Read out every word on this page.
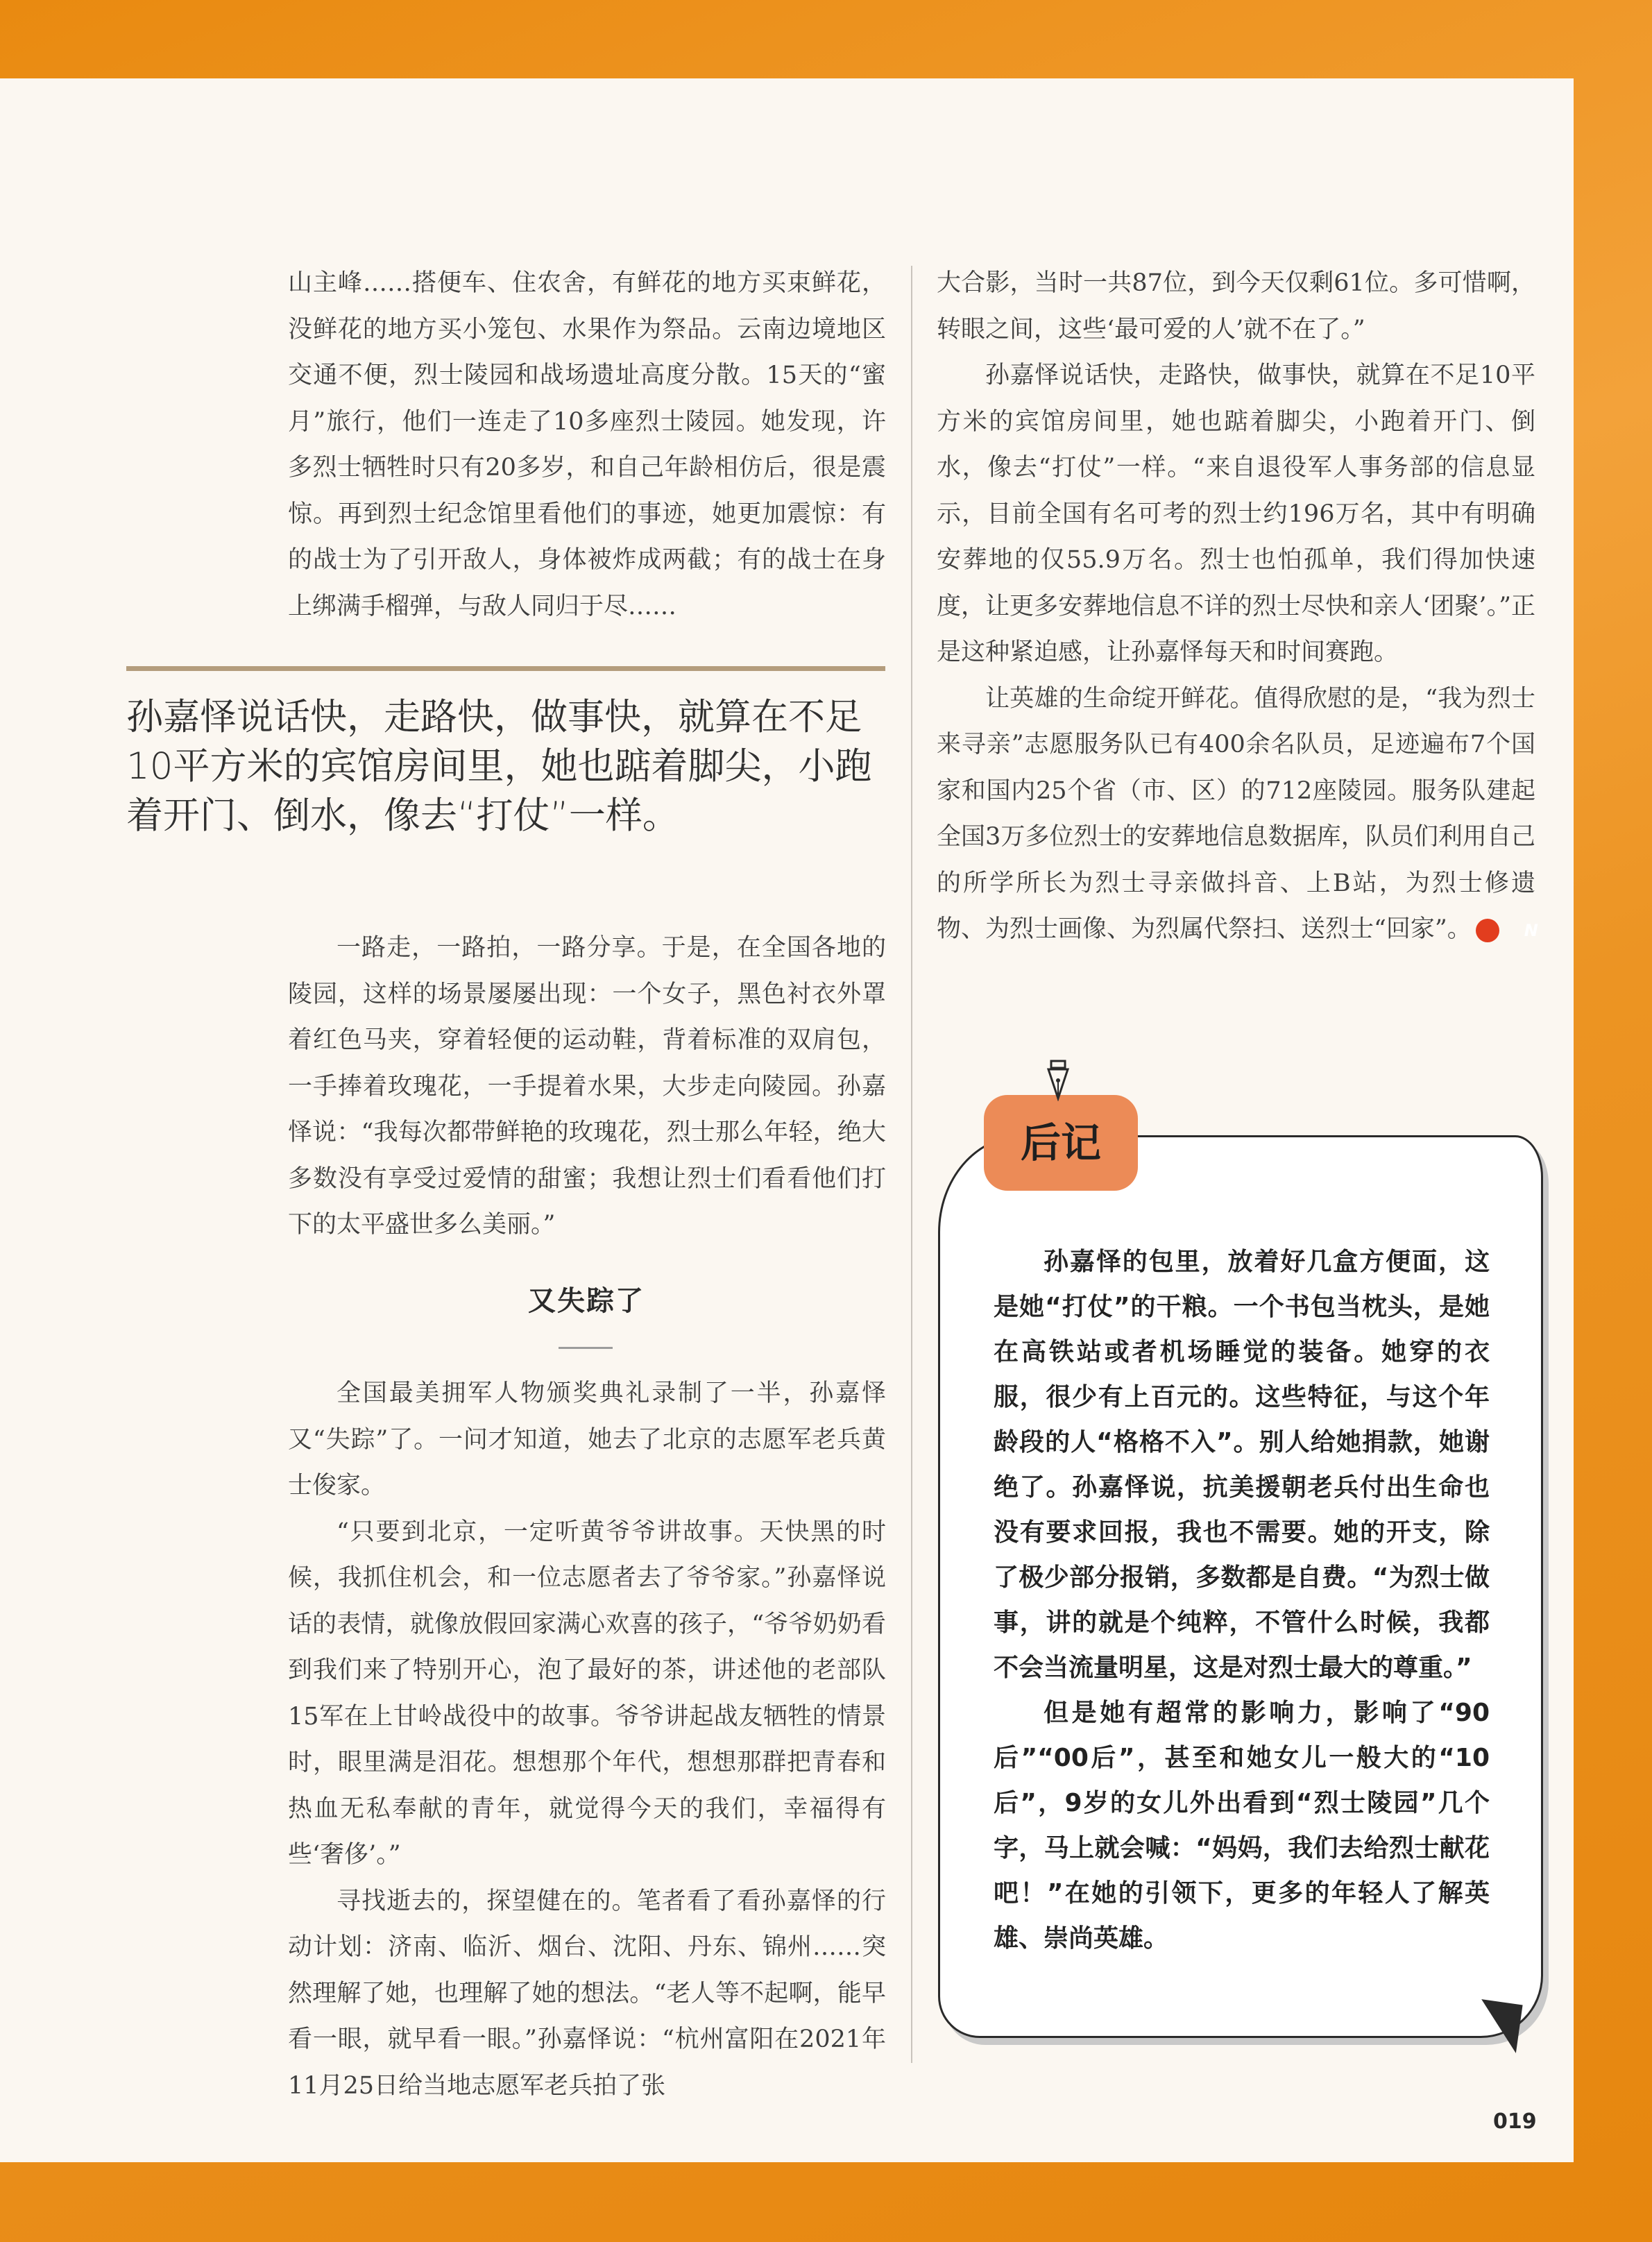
山主峰……搭便车、住农舍，有鲜花的地方买束鲜花，没鲜花的地方买小笼包、水果作为祭品。云南边境地区交通不便，烈士陵园和战场遗址高度分散。15天的“蜜月”旅行，他们一连走了10多座烈士陵园。她发现，许多烈士牺牲时只有20多岁，和自己年龄相仿后，很是震惊。再到烈士纪念馆里看他们的事迹，她更加震惊：有的战士为了引开敌人，身体被炸成两截；有的战士在身上绑满手榴弹，与敌人同归于尽……

孙嘉怿说话快，走路快，做事快，就算在不足10平方米的宾馆房间里，她也踮着脚尖，小跑着开门、倒水，像去“打仗”一样。

一路走，一路拍，一路分享。于是，在全国各地的陵园，这样的场景屡屡出现：一个女子，黑色衬衣外罩着红色马夹，穿着轻便的运动鞋，背着标准的双肩包，一手捧着玫瑰花，一手提着水果，大步走向陵园。孙嘉怿说：“我每次都带鲜艳的玫瑰花，烈士那么年轻，绝大多数没有享受过爱情的甜蜜；我想让烈士们看看他们打下的太平盛世多么美丽。”

又失踪了

全国最美拥军人物颁奖典礼录制了一半，孙嘉怿又“失踪”了。一问才知道，她去了北京的志愿军老兵黄士俊家。

“只要到北京，一定听黄爷爷讲故事。天快黑的时候，我抓住机会，和一位志愿者去了爷爷家。”孙嘉怿说话的表情，就像放假回家满心欢喜的孩子，“爷爷奶奶看到我们来了特别开心，泡了最好的茶，讲述他的老部队15军在上甘岭战役中的故事。爷爷讲起战友牺牲的情景时，眼里满是泪花。想想那个年代，想想那群把青春和热血无私奉献的青年，就觉得今天的我们，幸福得有些‘奢侈’。”

寻找逝去的，探望健在的。笔者看了看孙嘉怿的行动计划：济南、临沂、烟台、沈阳、丹东、锦州……突然理解了她，也理解了她的想法。“老人等不起啊，能早看一眼，就早看一眼。”孙嘉怿说：“杭州富阳在2021年11月25日给当地志愿军老兵拍了张

大合影，当时一共87位，到今天仅剩61位。多可惜啊，转眼之间，这些‘最可爱的人’就不在了。”

孙嘉怿说话快，走路快，做事快，就算在不足10平方米的宾馆房间里，她也踮着脚尖，小跑着开门、倒水，像去“打仗”一样。“来自退役军人事务部的信息显示，目前全国有名可考的烈士约196万名，其中有明确安葬地的仅55.9万名。烈士也怕孤单，我们得加快速度，让更多安葬地信息不详的烈士尽快和亲人‘团聚’。”正是这种紧迫感，让孙嘉怿每天和时间赛跑。

让英雄的生命绽开鲜花。值得欣慰的是，“我为烈士来寻亲”志愿服务队已有400余名队员，足迹遍布7个国家和国内25个省（市、区）的712座陵园。服务队建起全国3万多位烈士的安葬地信息数据库，队员们利用自己的所学所长为烈士寻亲做抖音、上B站，为烈士修遗物、为烈士画像、为烈属代祭扫、送烈士“回家”。	N

后记

孙嘉怿的包里，放着好几盒方便面，这是她“打仗”的干粮。一个书包当枕头，是她在高铁站或者机场睡觉的装备。她穿的衣服，很少有上百元的。这些特征，与这个年龄段的人“格格不入”。别人给她捐款，她谢绝了。孙嘉怿说，抗美援朝老兵付出生命也没有要求回报，我也不需要。她的开支，除了极少部分报销，多数都是自费。“为烈士做事，讲的就是个纯粹，不管什么时候，我都不会当流量明星，这是对烈士最大的尊重。”

但是她有超常的影响力，影响了“90后”“00后”，甚至和她女儿一般大的“10后”，9岁的女儿外出看到“烈士陵园”几个字，马上就会喊：“妈妈，我们去给烈士献花吧！”在她的引领下，更多的年轻人了解英雄、崇尚英雄。

019
